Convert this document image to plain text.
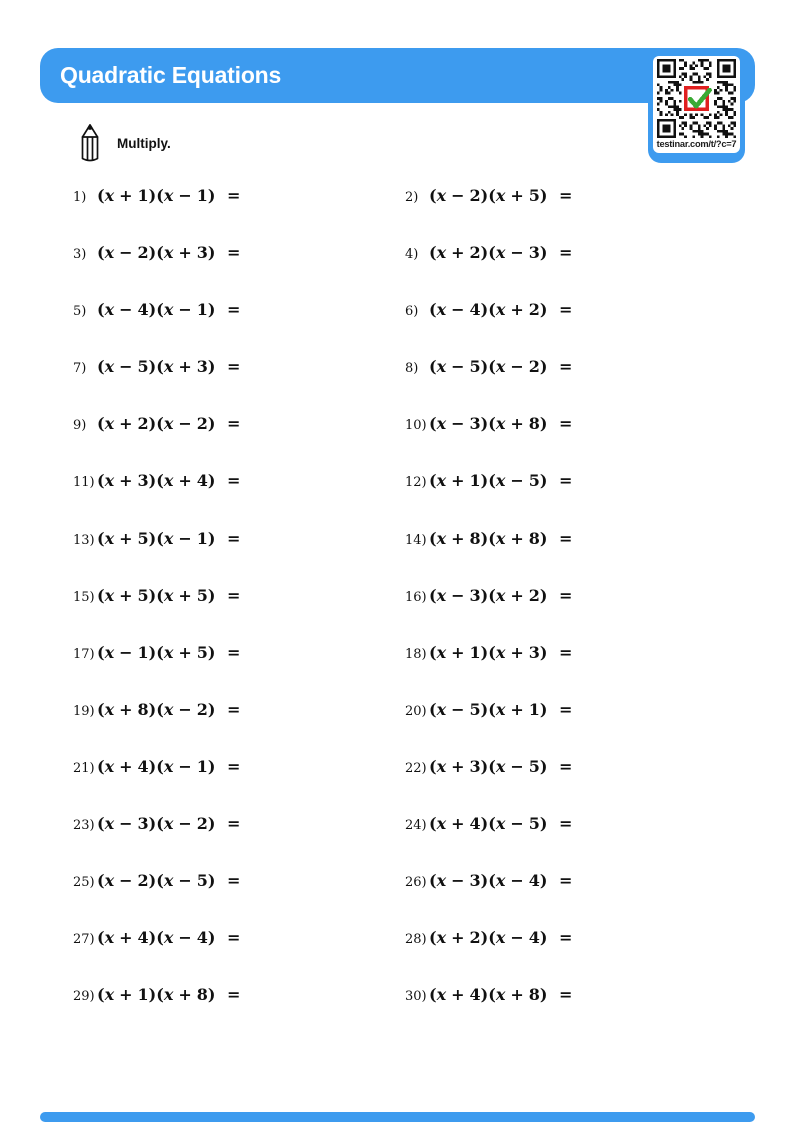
Quadratic Equations
testinar.com/t/?c=7
Multiply.
1) (x + 1)(x − 1) =	2) (x − 2)(x + 5) =
3) (x − 2)(x + 3) =	4) (x + 2)(x − 3) =
5) (x − 4)(x − 1) =	6) (x − 4)(x + 2) =
7) (x − 5)(x + 3) =	8) (x − 5)(x − 2) =
9) (x + 2)(x − 2) =	10) (x − 3)(x + 8) =
11) (x + 3)(x + 4) =	12) (x + 1)(x − 5) =
13) (x + 5)(x − 1) =	14) (x + 8)(x + 8) =
15) (x + 5)(x + 5) =	16) (x − 3)(x + 2) =
17) (x − 1)(x + 5) =	18) (x + 1)(x + 3) =
19) (x + 8)(x − 2) =	20) (x − 5)(x + 1) =
21) (x + 4)(x − 1) =	22) (x + 3)(x − 5) =
23) (x − 3)(x − 2) =	24) (x + 4)(x − 5) =
25) (x − 2)(x − 5) =	26) (x − 3)(x − 4) =
27) (x + 4)(x − 4) =	28) (x + 2)(x − 4) =
29) (x + 1)(x + 8) =	30) (x + 4)(x + 8) =
